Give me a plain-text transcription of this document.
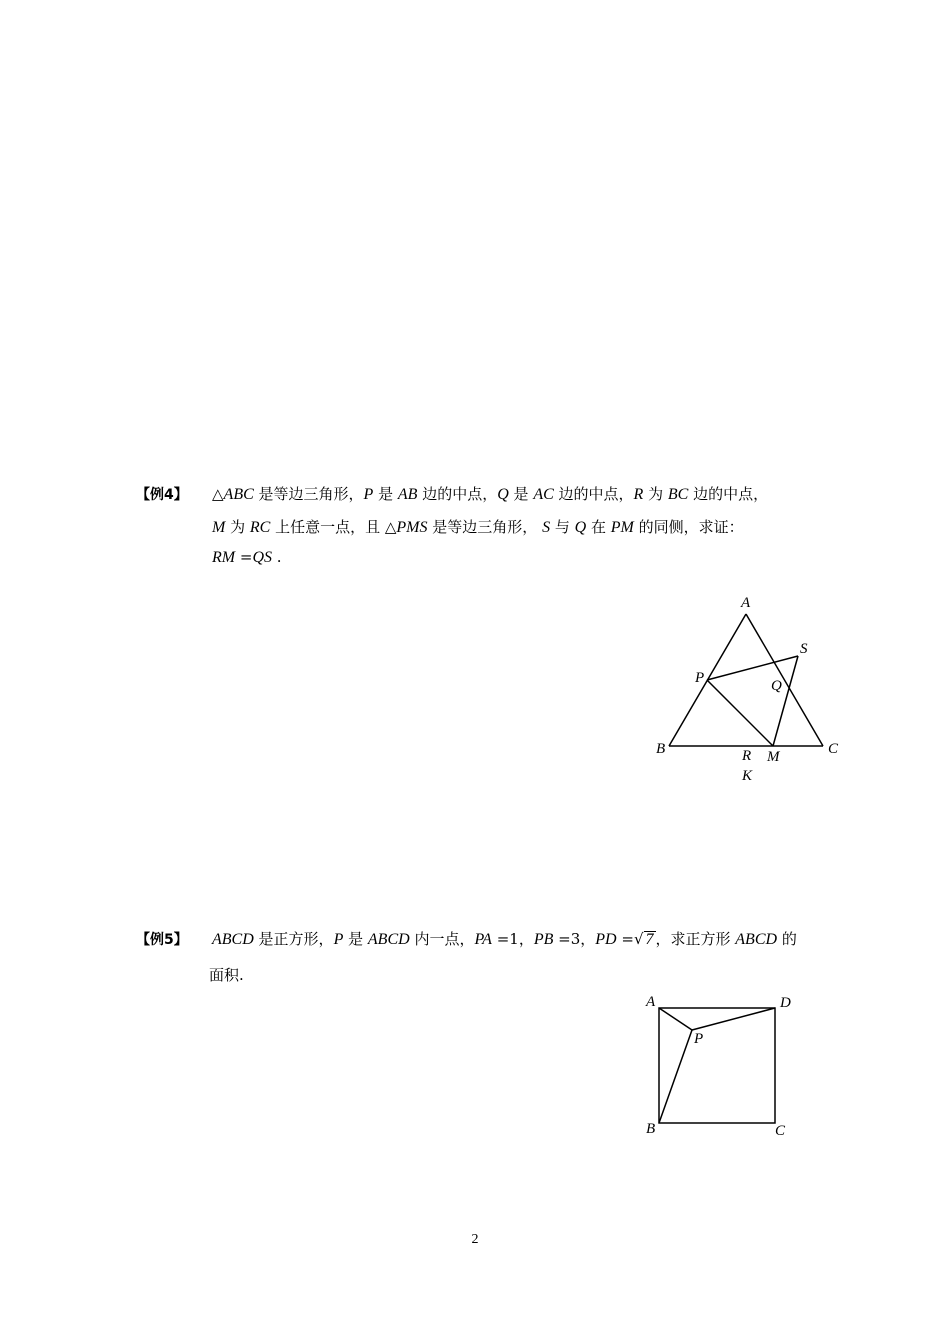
【例4】 △ABC 是等边三角形，P 是 AB 边的中点，Q 是 AC 边的中点，R 为 BC 边的中点，
M 为 RC 上任意一点，且 △PMS 是等边三角形， S 与 Q 在 PM 的同侧，求证：
RM =QS .
A
S
P	Q
B	C
R M
K
【例5】 ABCD 是正方形，P 是 ABCD 内一点，PA =1，PB =3，PD =√ 7 ，求正方形 ABCD 的
面积.
A	D
P
B	C
2
